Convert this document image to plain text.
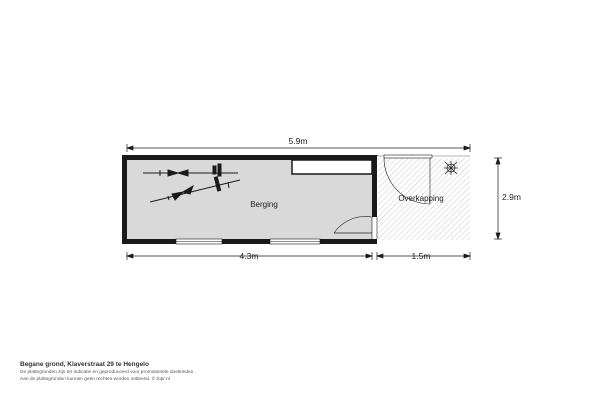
Berging
Overkapping
5.9m
2.9m
4.3m	1.5m
Begane grond, Klaverstraat 29 te Hengelo
De plattegronden zijn ter indicatie en geproduceerd voor promotionele doeleinden.
Aan de plattegronden kunnen geen rechten worden ontleend. © topr.nl
